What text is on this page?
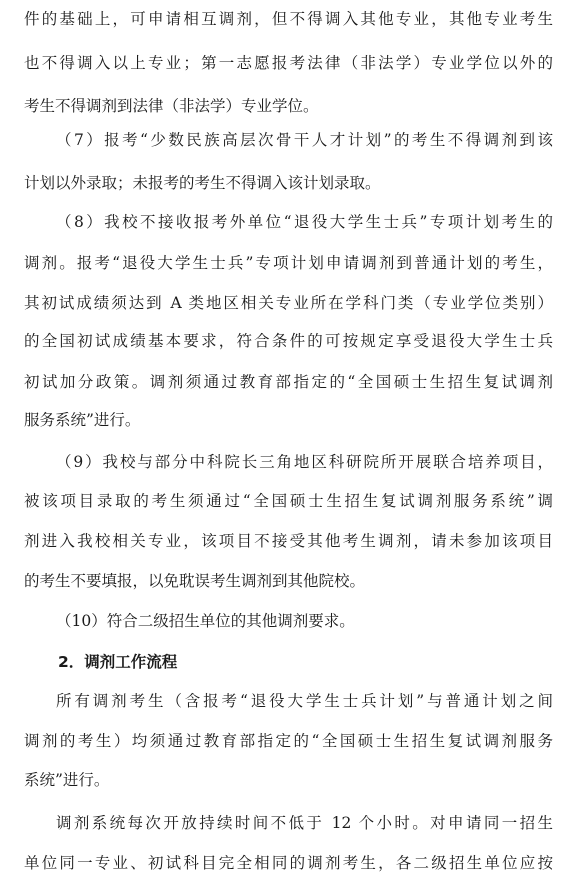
件的基础上，可申请相互调剂，但不得调入其他专业，其他专业考生
也不得调入以上专业；第一志愿报考法律（非法学）专业学位以外的
考生不得调剂到法律（非法学）专业学位。
（7）报考“少数民族高层次骨干人才计划”的考生不得调剂到该
计划以外录取；未报考的考生不得调入该计划录取。
（8）我校不接收报考外单位“退役大学生士兵”专项计划考生的
调剂。报考“退役大学生士兵”专项计划申请调剂到普通计划的考生，
其初试成绩须达到 A 类地区相关专业所在学科门类（专业学位类别）
的全国初试成绩基本要求，符合条件的可按规定享受退役大学生士兵
初试加分政策。调剂须通过教育部指定的“全国硕士生招生复试调剂
服务系统”进行。
（9）我校与部分中科院长三角地区科研院所开展联合培养项目，
被该项目录取的考生须通过“全国硕士生招生复试调剂服务系统”调
剂进入我校相关专业，该项目不接受其他考生调剂，请未参加该项目
的考生不要填报，以免耽误考生调剂到其他院校。
（10）符合二级招生单位的其他调剂要求。
2．调剂工作流程
所有调剂考生（含报考“退役大学生士兵计划”与普通计划之间
调剂的考生）均须通过教育部指定的“全国硕士生招生复试调剂服务
系统”进行。
调剂系统每次开放持续时间不低于 12 个小时。对申请同一招生
单位同一专业、初试科目完全相同的调剂考生，各二级招生单位应按
